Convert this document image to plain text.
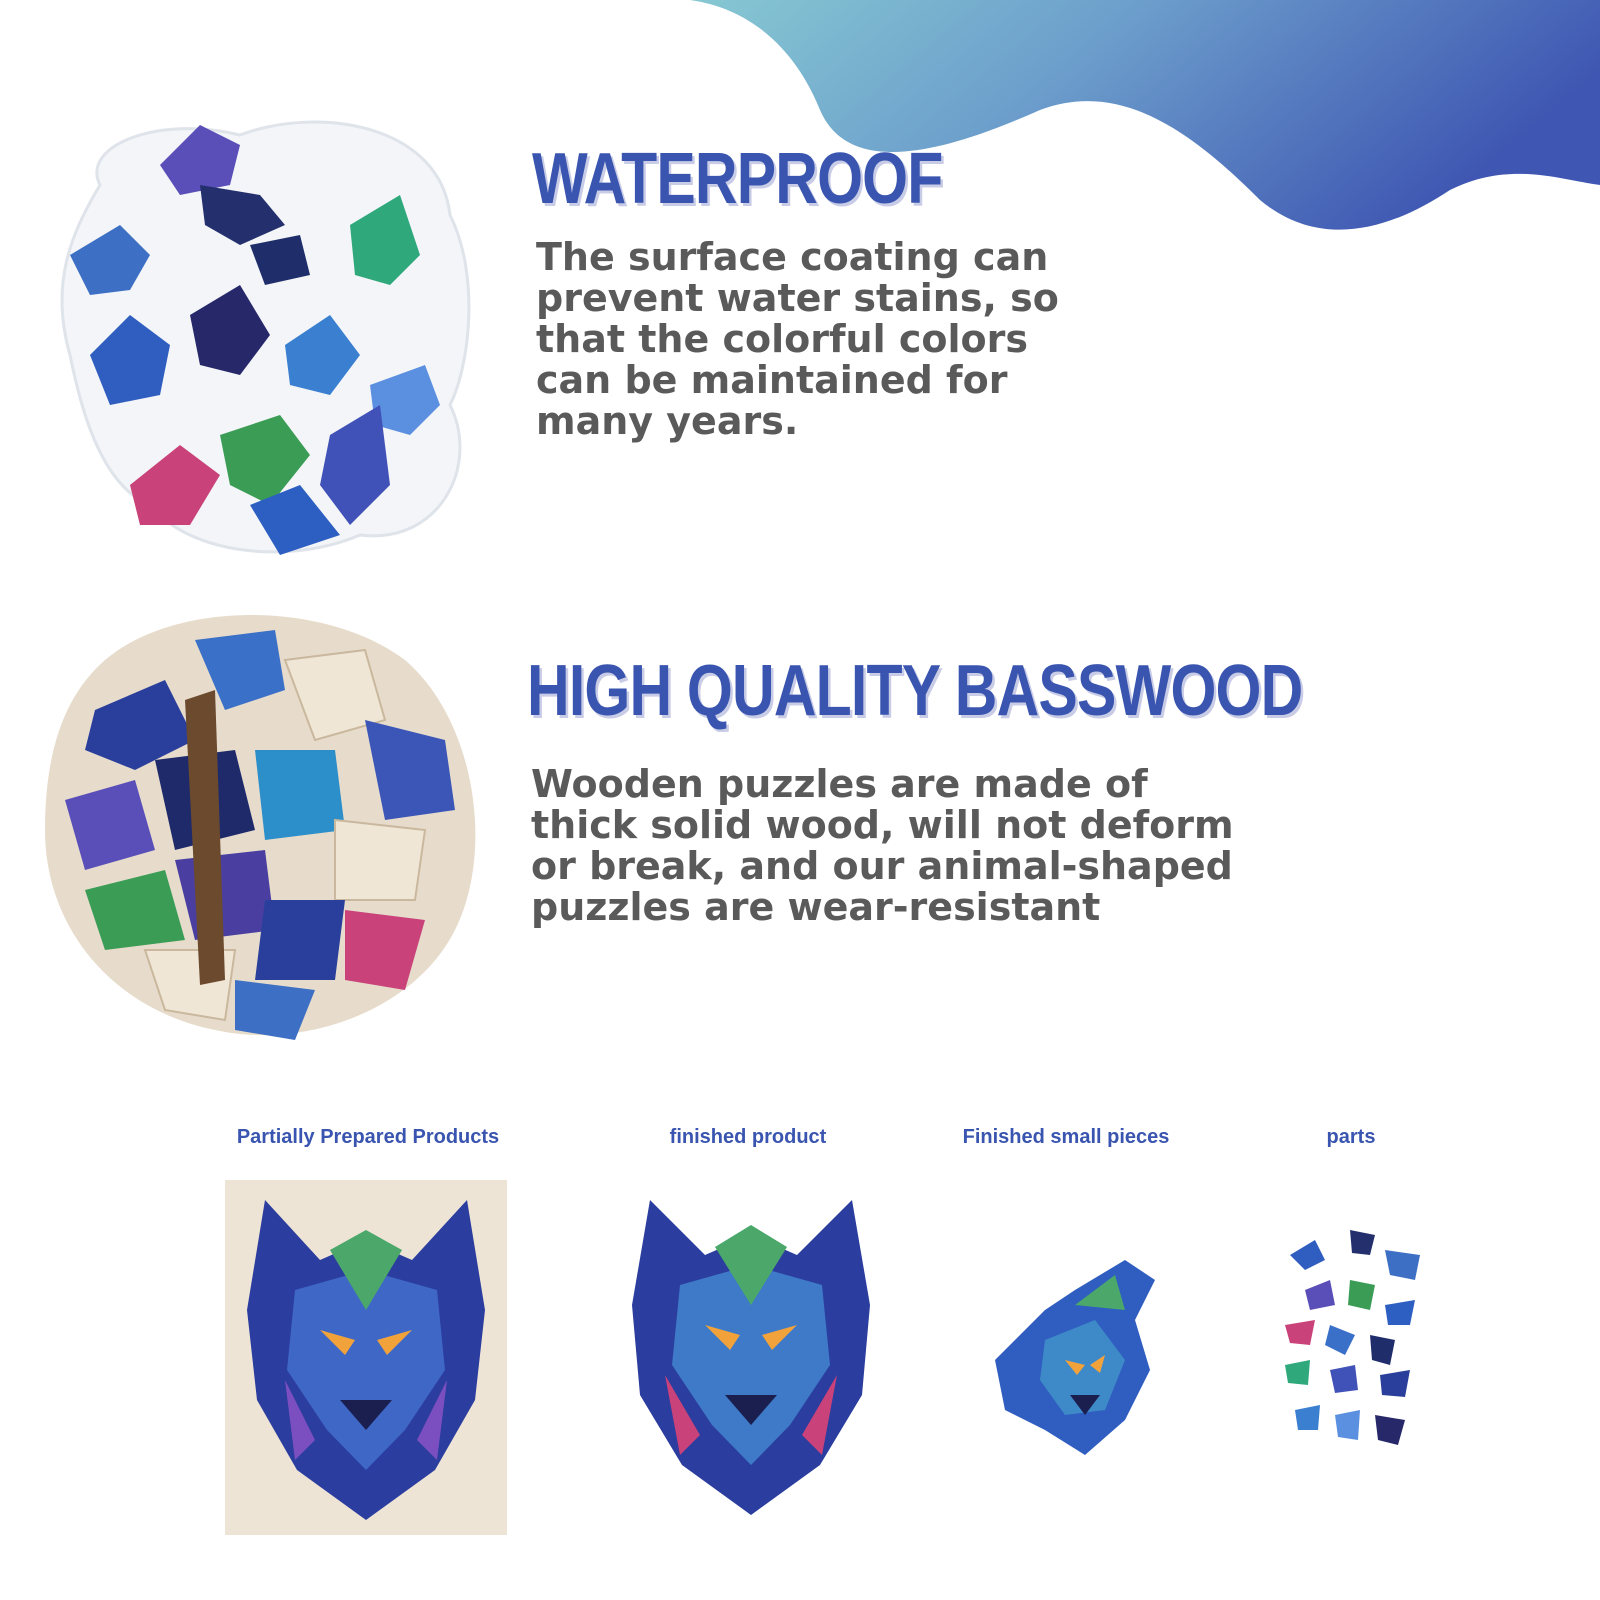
WATERPROOF
The surface coating can
prevent water stains, so
that the colorful colors
can be maintained for
many years.
HIGH QUALITY BASSWOOD
Wooden puzzles are made of
thick solid wood, will not deform
or break, and our animal-shaped
puzzles are wear-resistant
Partially Prepared Products	finished product	Finished small pieces	parts
